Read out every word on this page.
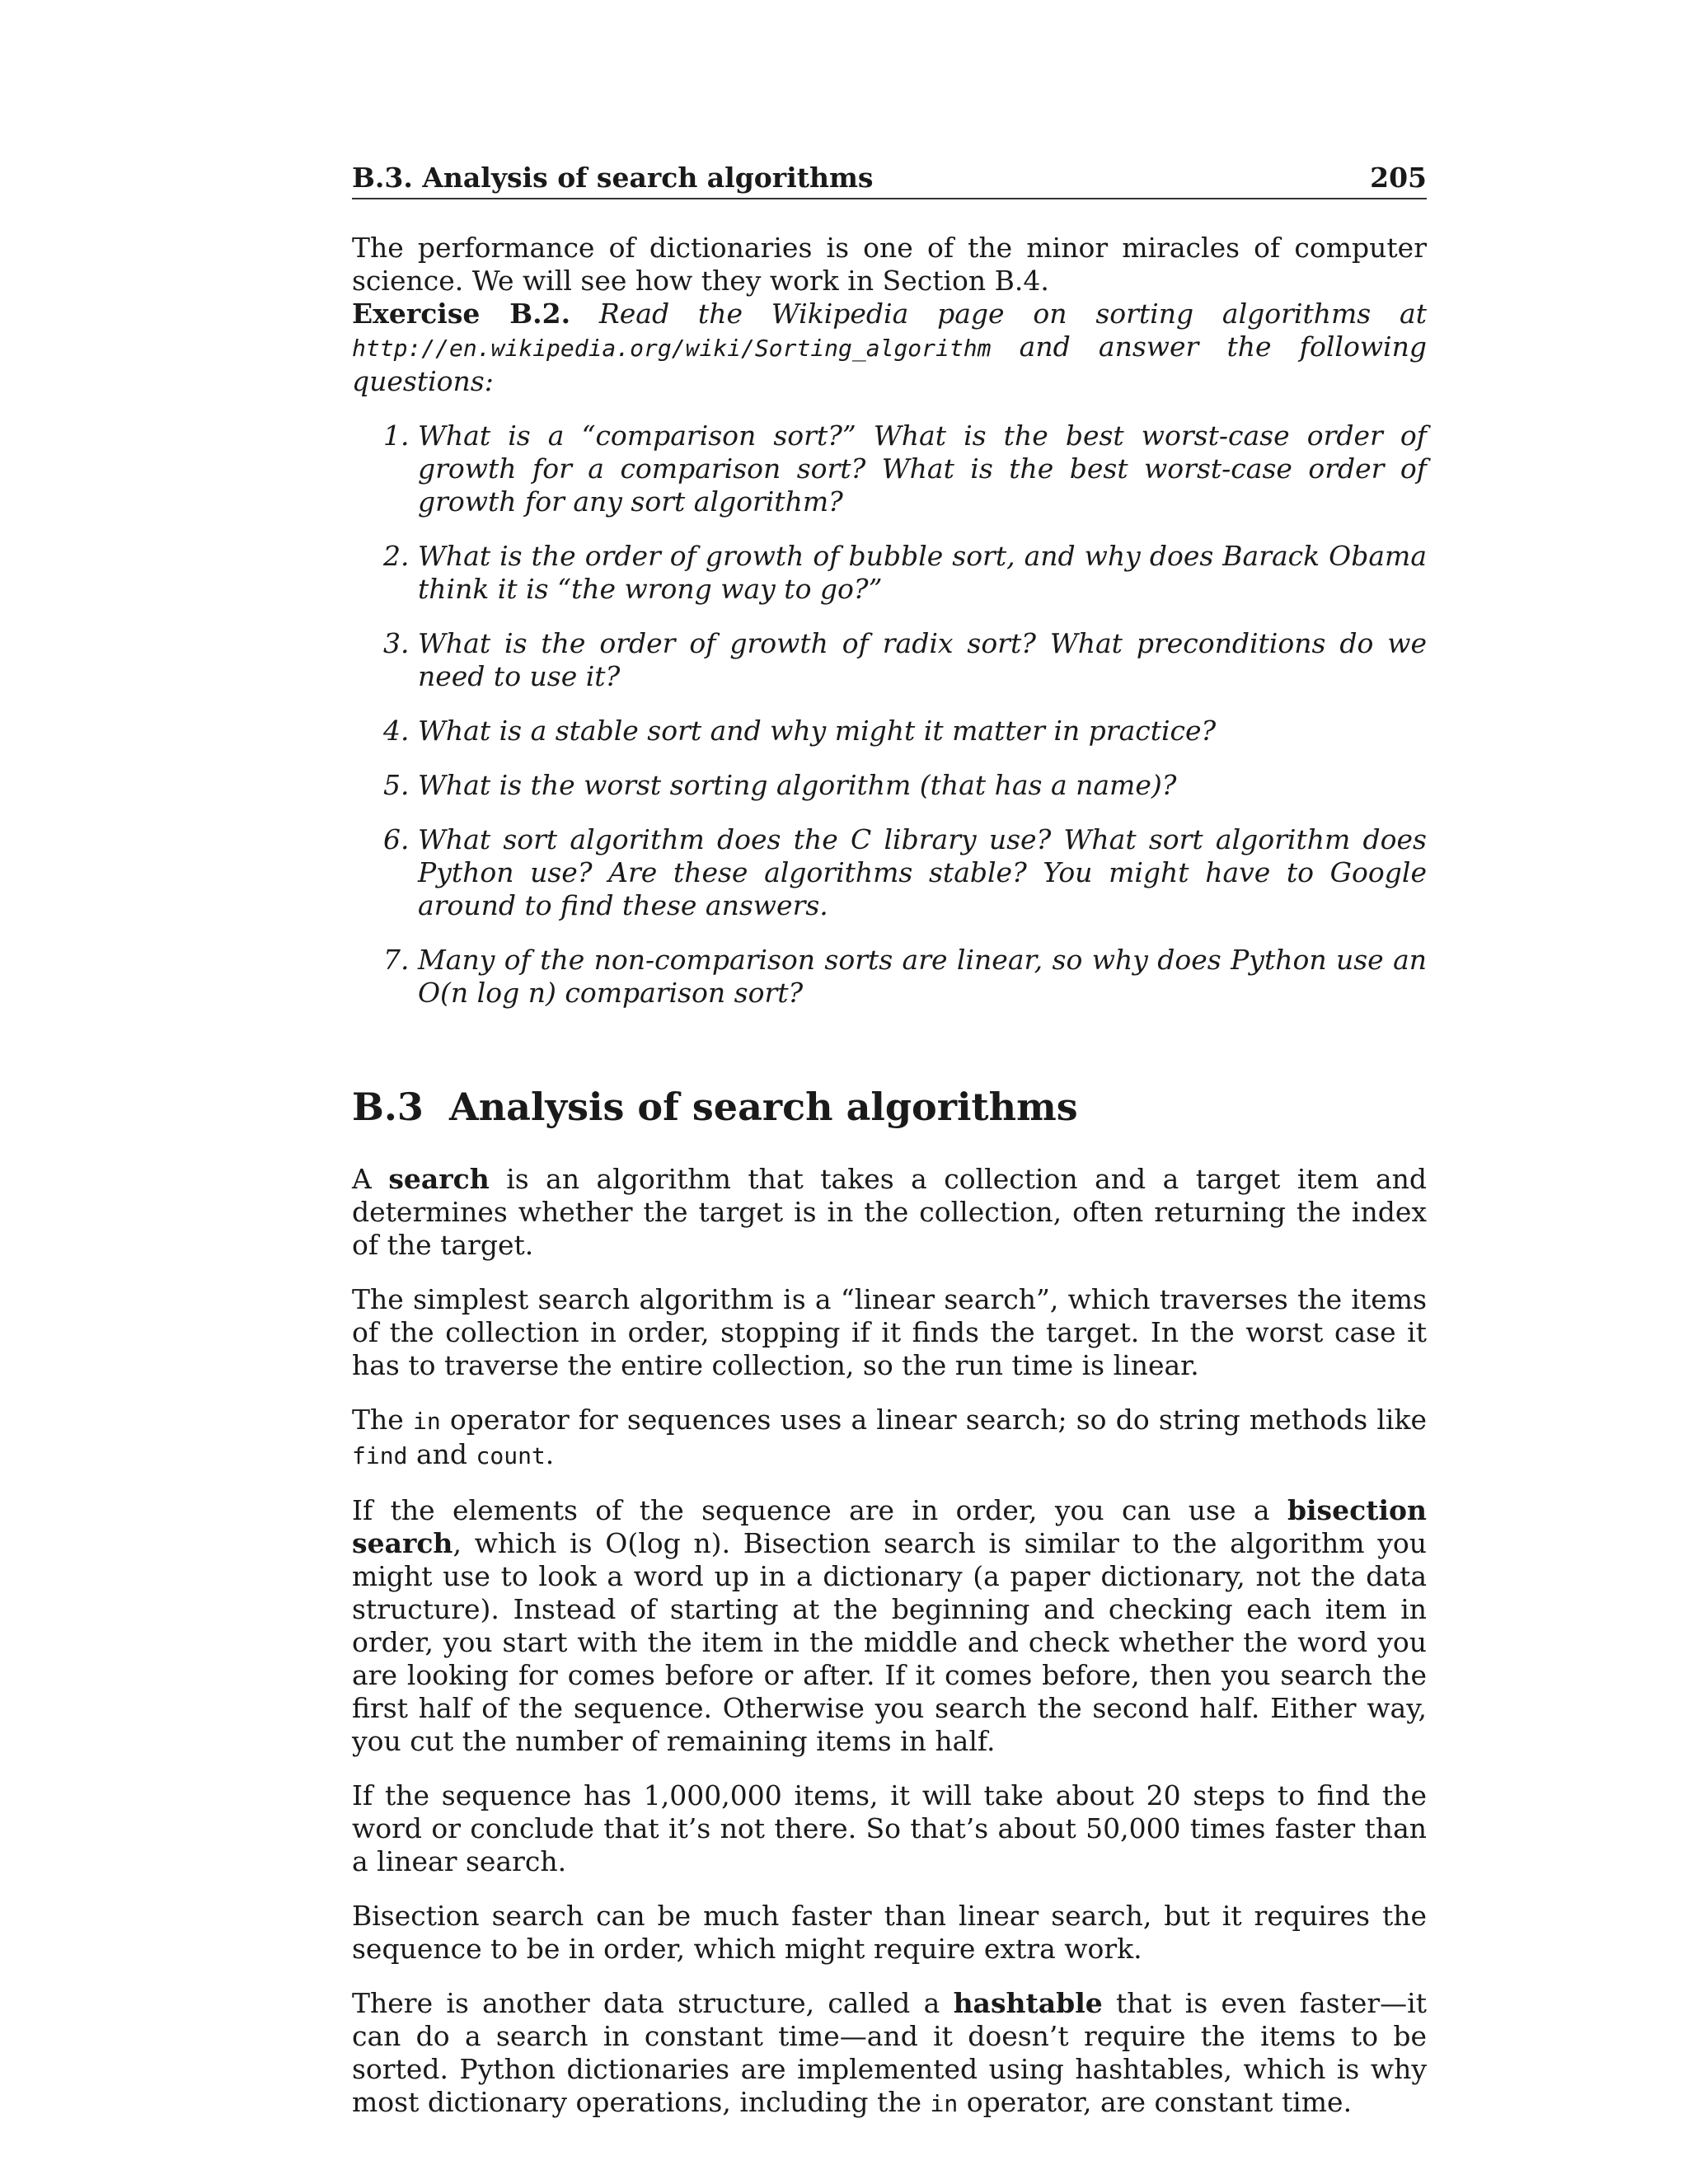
B.3. Analysis of search algorithms	205

The performance of dictionaries is one of the minor miracles of computer science. We will see how they work in Section B.4.

Exercise B.2. Read the Wikipedia page on sorting algorithms at http://en.wikipedia.org/wiki/Sorting_algorithm and answer the following questions:

1. What is a “comparison sort?” What is the best worst-case order of growth for a comparison sort? What is the best worst-case order of growth for any sort algorithm?
2. What is the order of growth of bubble sort, and why does Barack Obama think it is “the wrong way to go?”
3. What is the order of growth of radix sort? What preconditions do we need to use it?
4. What is a stable sort and why might it matter in practice?
5. What is the worst sorting algorithm (that has a name)?
6. What sort algorithm does the C library use? What sort algorithm does Python use? Are these algorithms stable? You might have to Google around to find these answers.
7. Many of the non-comparison sorts are linear, so why does Python use an O(n log n) comparison sort?
B.3 Analysis of search algorithms

A search is an algorithm that takes a collection and a target item and determines whether the target is in the collection, often returning the index of the target.

The simplest search algorithm is a “linear search”, which traverses the items of the collection in order, stopping if it finds the target. In the worst case it has to traverse the entire collection, so the run time is linear.

The in operator for sequences uses a linear search; so do string methods like find and count.

If the elements of the sequence are in order, you can use a bisection search, which is O(log n). Bisection search is similar to the algorithm you might use to look a word up in a dictionary (a paper dictionary, not the data structure). Instead of starting at the beginning and checking each item in order, you start with the item in the middle and check whether the word you are looking for comes before or after. If it comes before, then you search the first half of the sequence. Otherwise you search the second half. Either way, you cut the number of remaining items in half.

If the sequence has 1,000,000 items, it will take about 20 steps to find the word or conclude that it’s not there. So that’s about 50,000 times faster than a linear search.

Bisection search can be much faster than linear search, but it requires the sequence to be in order, which might require extra work.

There is another data structure, called a hashtable that is even faster—it can do a search in constant time—and it doesn’t require the items to be sorted. Python dictionaries are implemented using hashtables, which is why most dictionary operations, including the in operator, are constant time.
